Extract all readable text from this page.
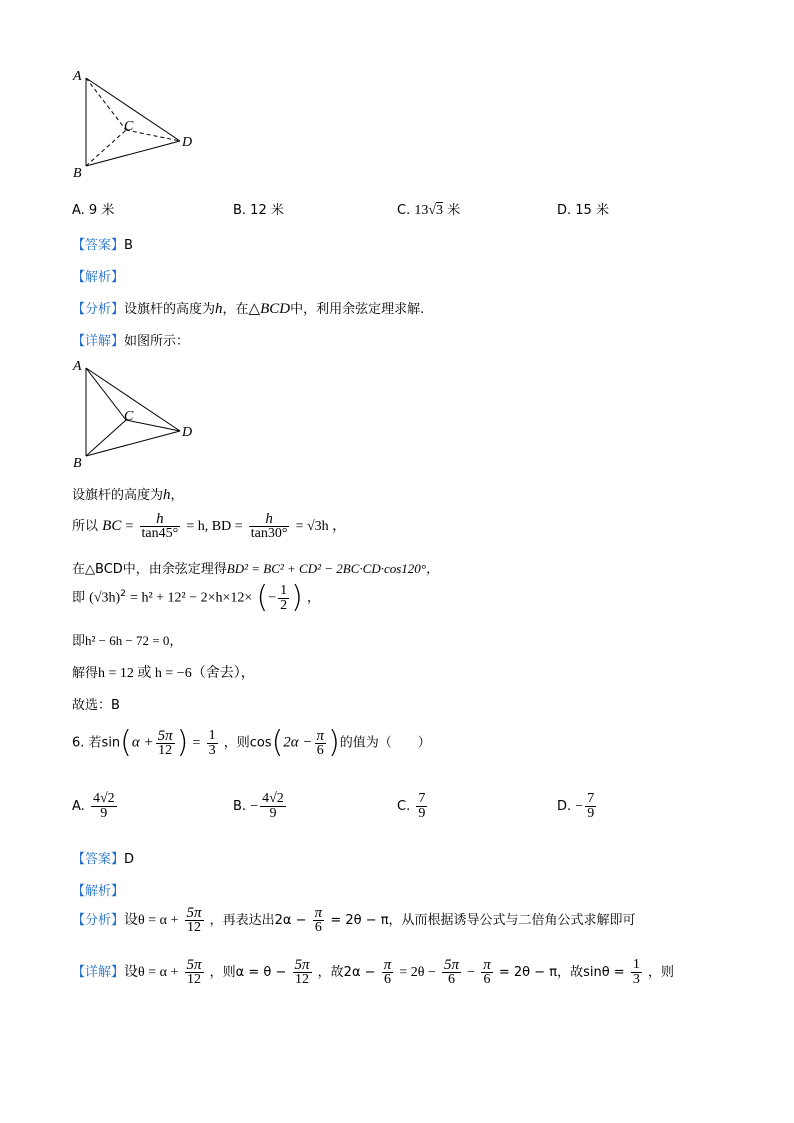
A
B
C
D
A. 9 米	B. 12 米	C. 13√3 米	D. 15 米
【答案】B
【解析】
【分析】设旗杆的高度为h，在△BCD中，利用余弦定理求解.
【详解】如图所示：
A
B
C
D
设旗杆的高度为h，
所以 BC = $\frac{h}{\tan 45^\circ} = h$, BD = $\frac{h}{\tan 30^\circ} = √3h$ ，
在△BCD中，由余弦定理得BD² = BC² + CD² − 2BC·CD·cos120°，
即 $(√3h)^2 = h^2 + 12^2 - 2\times h\times 12\times$ (− $\frac{1}{2}$ ) ，
即h² − 6h − 72 = 0，
解得h = 12 或 h = −6（舍去），
故选：B
6. 若$\sin(\alpha + \frac{5\pi}{12}$ ) = $\frac{1}{3}$ ，则$\cos(2\alpha - \frac{\pi}{6}$ )的值为（　　）
A. $\frac{4√2}{9}$	B. − $\frac{4√2}{9}$	C. $\frac{7}{9}$	D. − $\frac{7}{9}$
【答案】D
【解析】
【分析】设$\theta = \alpha + \frac{5\pi}{12}$ ，再表达出$2\alpha - \frac{\pi}{6} = 2\theta - \pi$，从而根据诱导公式与二倍角公式求解即可
【详解】设$\theta = \alpha + \frac{5\pi}{12}$ ，则$\alpha = \theta - \frac{5\pi}{12}$ ，故$2\alpha - \frac{\pi}{6} = 2\theta - \frac{5\pi}{6} - \frac{\pi}{6} = 2\theta - \pi$，故$\sin\theta = \frac{1}{3}$ ，则
